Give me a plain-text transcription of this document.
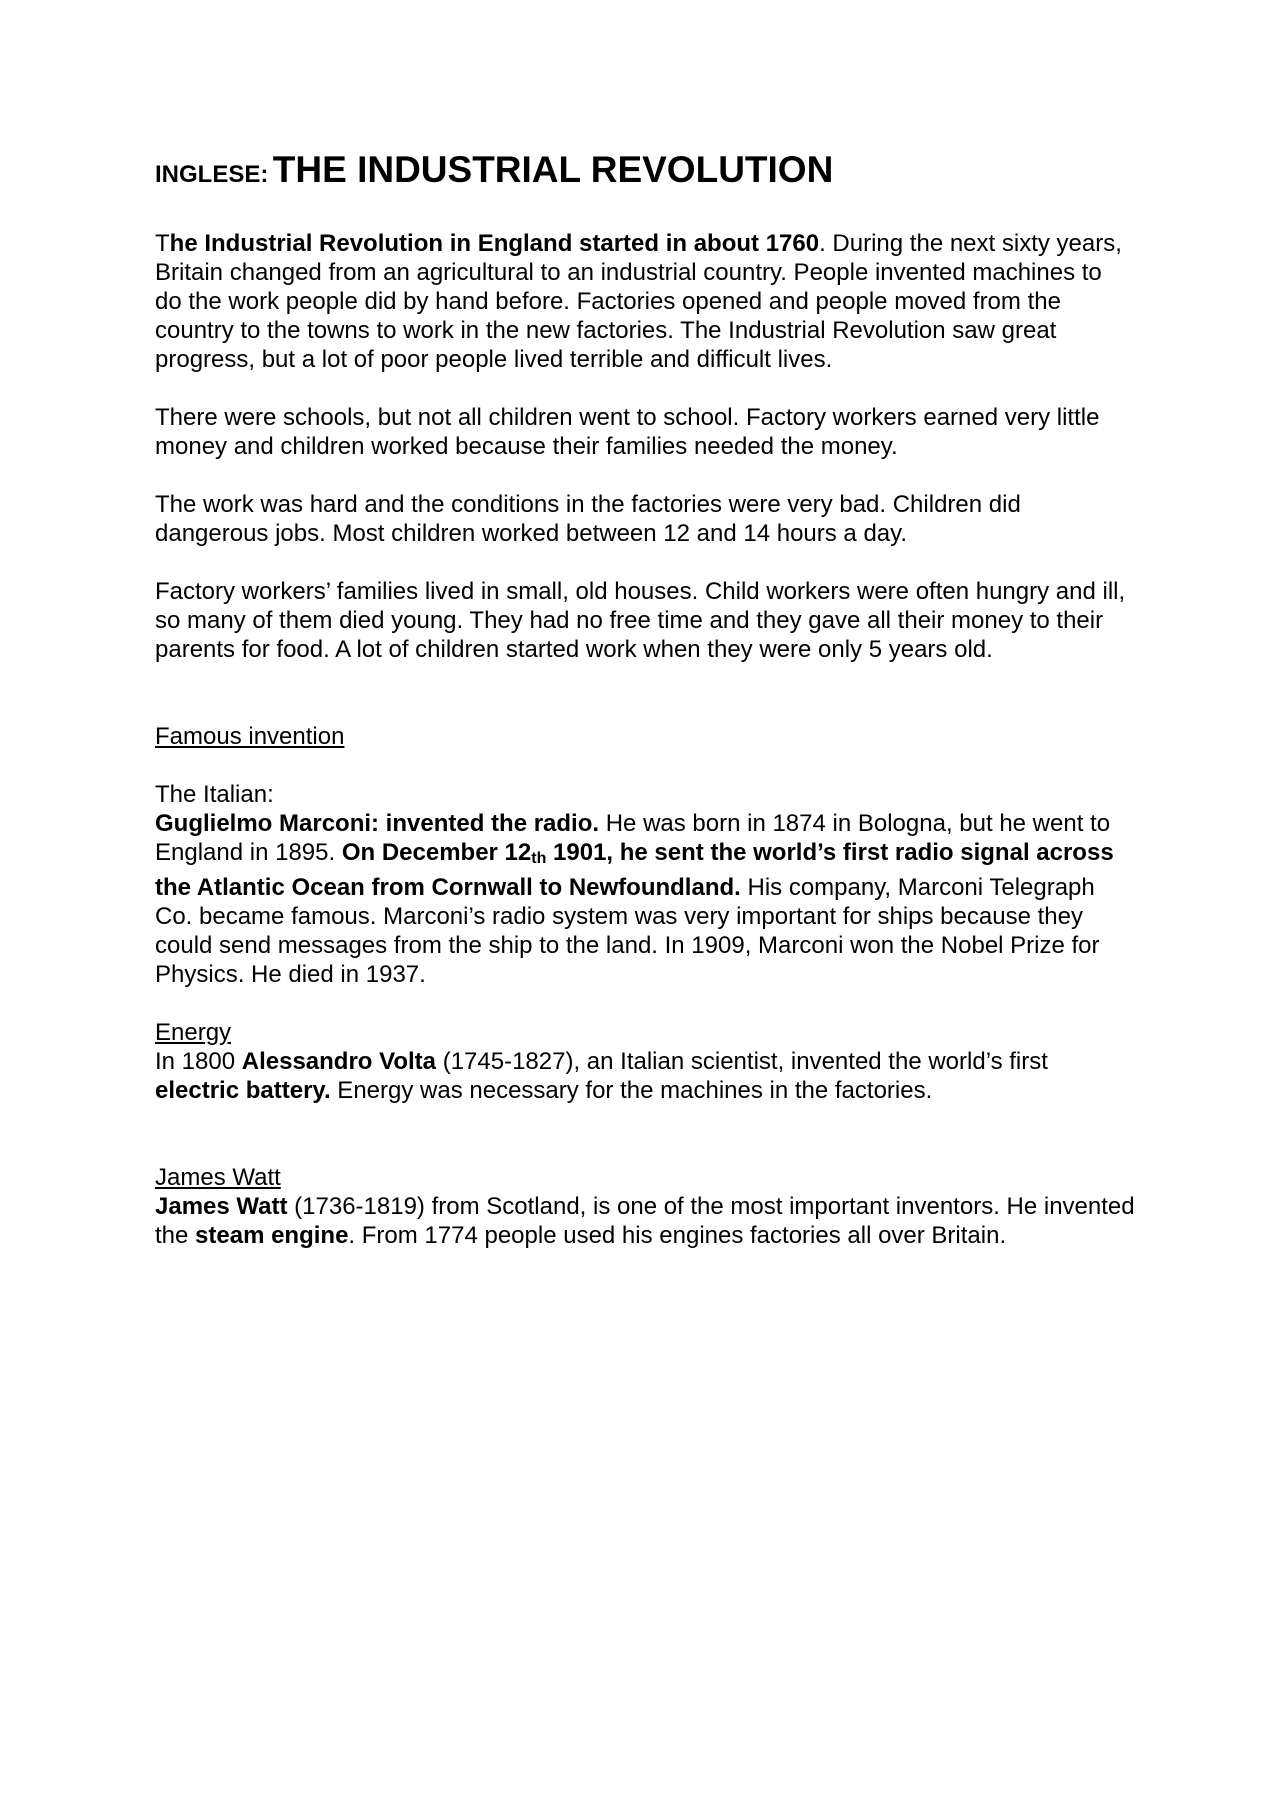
INGLESE: THE INDUSTRIAL REVOLUTION

The Industrial Revolution in England started in about 1760. During the next sixty years, Britain changed from an agricultural to an industrial country. People invented machines to do the work people did by hand before. Factories opened and people moved from the country to the towns to work in the new factories. The Industrial Revolution saw great progress, but a lot of poor people lived terrible and difficult lives.

There were schools, but not all children went to school. Factory workers earned very little money and children worked because their families needed the money.

The work was hard and the conditions in the factories were very bad. Children did dangerous jobs. Most children worked between 12 and 14 hours a day.

Factory workers’ families lived in small, old houses. Child workers were often hungry and ill, so many of them died young. They had no free time and they gave all their money to their parents for food. A lot of children started work when they were only 5 years old.

Famous invention

The Italian:

Guglielmo Marconi: invented the radio. He was born in 1874 in Bologna, but he went to England in 1895. On December 12th 1901, he sent the world’s first radio signal across the Atlantic Ocean from Cornwall to Newfoundland. His company, Marconi Telegraph Co. became famous. Marconi’s radio system was very important for ships because they could send messages from the ship to the land. In 1909, Marconi won the Nobel Prize for Physics. He died in 1937.

Energy

In 1800 Alessandro Volta (1745-1827), an Italian scientist, invented the world’s first electric battery. Energy was necessary for the machines in the factories.

James Watt

James Watt (1736-1819) from Scotland, is one of the most important inventors. He invented the steam engine. From 1774 people used his engines factories all over Britain.
